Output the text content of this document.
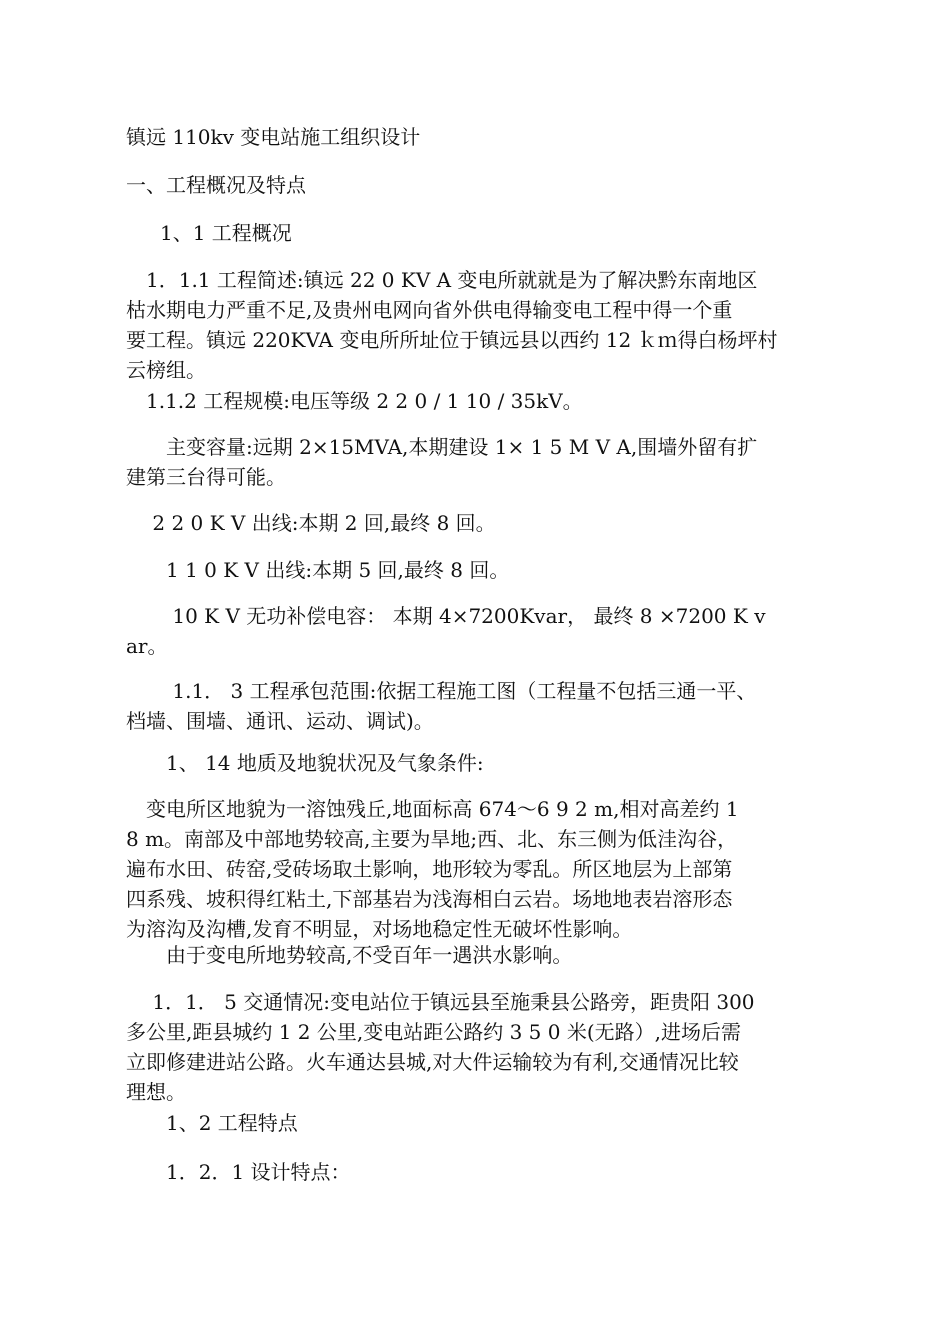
镇远 110kv 变电站施工组织设计
一、工程概况及特点
1、1 工程概况
　1．1.1 工程简述:镇远 22 0 KV A 变电所就就是为了解决黔东南地区
枯水期电力严重不足,及贵州电网向省外供电得输变电工程中得一个重
要工程。镇远 220KVA 变电所所址位于镇远县以西约 12 ｋｍ得白杨坪村
云榜组。
　1.1.2 工程规模:电压等级 2 2 0 / 1 10 / 35kV。
　　主变容量:远期 2×15MVA,本期建设 1× 1 5 M V A,围墙外留有扩
建第三台得可能。
　 2 2 0 K V 出线:本期 2 回,最终 8 回。
　　1 1 0 K V 出线:本期 5 回,最终 8 回。
　　 10 K V 无功补偿电容： 本期 4×7200Kvar， 最终 8 ×7200 K v
ar。
　　 1.1． 3 工程承包范围:依据工程施工图（工程量不包括三通一平、
档墙、围墙、通讯、运动、调试)。
　　1、 14 地质及地貌状况及气象条件:
　变电所区地貌为一溶蚀残丘,地面标高 674～6 9 2 m,相对高差约 1
8 m。南部及中部地势较高,主要为旱地;西、北、东三侧为低洼沟谷，
遍布水田、砖窑,受砖场取土影响，地形较为零乱。所区地层为上部第
四系残、坡积得红粘土,下部基岩为浅海相白云岩。场地地表岩溶形态
为溶沟及沟槽,发育不明显，对场地稳定性无破坏性影响。
　　由于变电所地势较高,不受百年一遇洪水影响。
　 1．1． 5 交通情况:变电站位于镇远县至施秉县公路旁，距贵阳 300
多公里,距县城约 1 2 公里,变电站距公路约 3 5 0 米(无路）,进场后需
立即修建进站公路。火车通达县城,对大件运输较为有利,交通情况比较
理想。
　　1、2 工程特点
　　1．2．1 设计特点：
